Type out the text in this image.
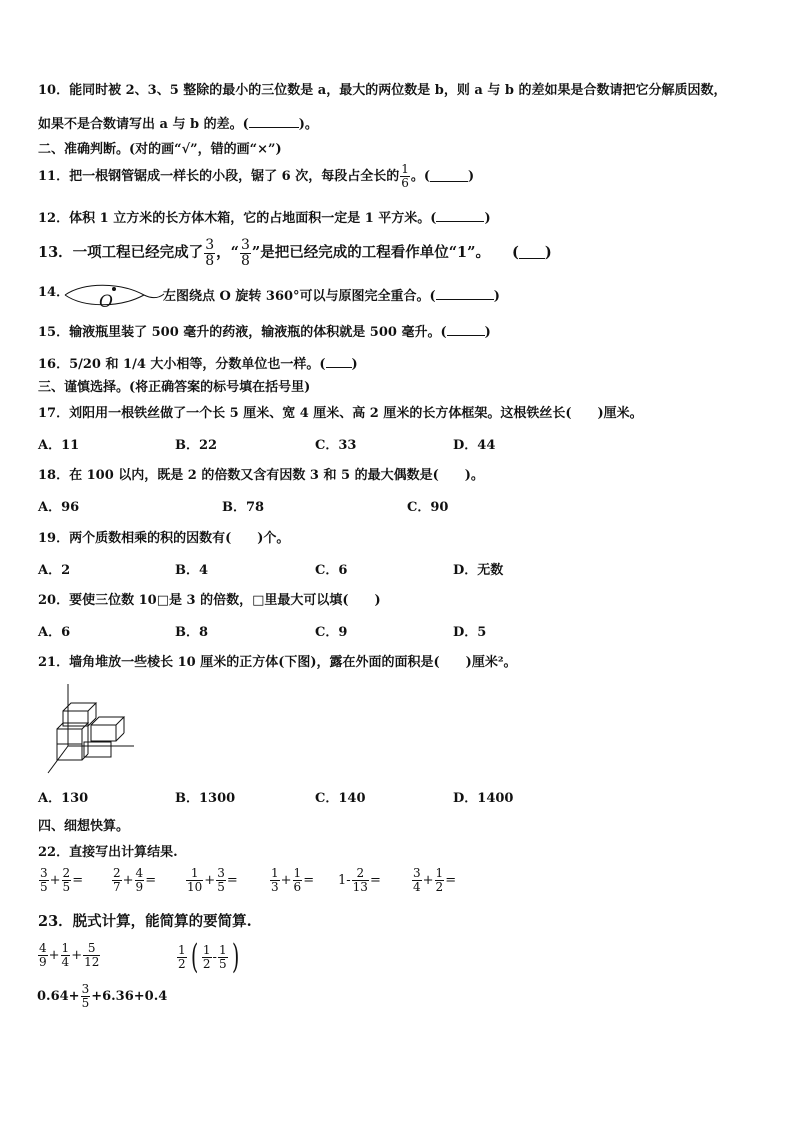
10．能同时被 2、3、5 整除的最小的三位数是 a，最大的两位数是 b，则 a 与 b 的差如果是合数请把它分解质因数，
如果不是合数请写出 a 与 b 的差。(	)。
二、准确判断。(对的画“√”，错的画“×”)
11．把一根钢管锯成一样长的小段，锯了 6 次，每段占全长的 $\frac{1}{6}$ 。(	)
12．体积 1 立方米的长方体木箱，它的占地面积一定是 1 平方米。(	)
13．一项工程已经完成了 $\frac{3}{8}$ ，“ $\frac{3}{8}$ ”是把已经完成的工程看作单位“1”。 ( )
14． O	左图绕点 O 旋转 360°可以与原图完全重合。(	)
15．输液瓶里装了 500 毫升的药液，输液瓶的体积就是 500 毫升。(	)
16．5/20 和 1/4 大小相等，分数单位也一样。( )
三、谨慎选择。(将正确答案的标号填在括号里)
17．刘阳用一根铁丝做了一个长 5 厘米、宽 4 厘米、高 2 厘米的长方体框架。这根铁丝长(　　)厘米。
A．11	B．22	C．33	D．44
18．在 100 以内，既是 2 的倍数又含有因数 3 和 5 的最大偶数是(　　)。
A．96	B．78	C．90
19．两个质数相乘的积的因数有(　　)个。
A．2	B．4	C．6	D．无数
20．要使三位数 10□是 3 的倍数，□里最大可以填(　　)
A．6	B．8	C．9	D．5
21．墙角堆放一些棱长 10 厘米的正方体(下图)，露在外面的面积是(　　)厘米²。
A．130	B．1300	C．140	D．1400
四、细想快算。
22．直接写出计算结果.
$\frac{3}{5} + \frac{2}{5} = \frac{2}{7} + \frac{4}{9} = \frac{1}{10} + \frac{3}{5}$ =	$\frac{1}{3} + \frac{1}{6} = 1- \frac{2}{13}$ =	$\frac{3}{4} + \frac{1}{2}$ =
23．脱式计算，能简算的要简算.
$\frac{4}{9} + \frac{1}{4} + \frac{5}{12}$	$\frac{1}{2}$ ( $\frac{1}{2} - \frac{1}{5}$ )
$0.64+ \frac{3}{5} +6.36+0.4$
